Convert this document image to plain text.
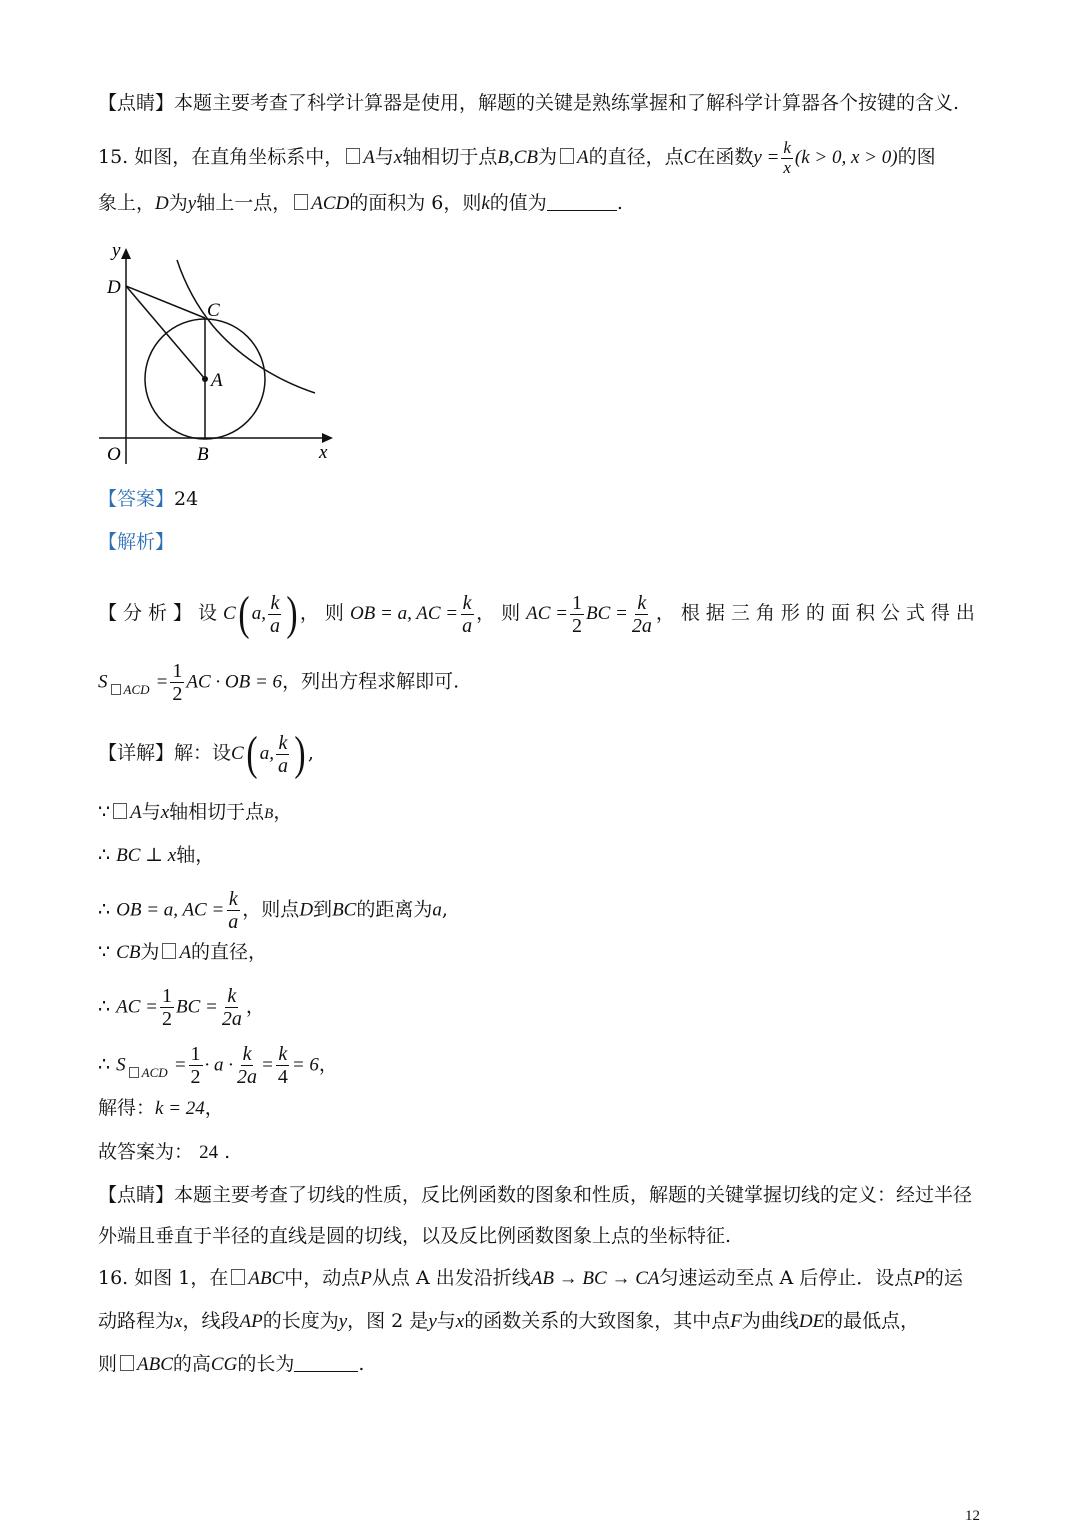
【点睛】本题主要考查了科学计算器是使用，解题的关键是熟练掌握和了解科学计算器各个按键的含义.
15. 如图，在直角坐标系中， A与x轴相切于点B,CB为 A的直径，点C在函数$y = \frac{k}{x} (k > 0$, x > 0)的图
象上，D为y轴上一点， ACD的面积为 6，则k的值为	.
y
D
C
A
O	B	x
【答案】24
【解析】
【分析】设C( a, $\frac{k}{a}$ ) ，则OB = a, AC = $\frac{k}{a}$ ，则AC = $\frac{1}{2}$ BC = $\frac{k}{2a}$ ，根据三角形的面积公式得出
S $_{ACD} = \frac{1}{2}$ AC · OB = 6，列出方程求解即可.
【详解】解：设C( a, $\frac{k}{a}$ ) ,
∵ A与x轴相切于点B，
∴ BC ⊥ x轴，
∴ OB = a, AC = $\frac{k}{a}$ ，则点D到BC的距离为a,
∵ CB为 A的直径，
∴ AC = $\frac{1}{2}$ BC = $\frac{k}{2a}$ ，
∴ S $_{ACD} = \frac{1}{2} \cdot a \cdot \frac{k}{2a} = \frac{k}{4} = 6$，
解得：k = 24，
故答案为： 24 .
【点睛】本题主要考查了切线的性质，反比例函数的图象和性质，解题的关键掌握切线的定义：经过半径
外端且垂直于半径的直线是圆的切线，以及反比例函数图象上点的坐标特征.
16. 如图 1，在 ABC中，动点P从点 A 出发沿折线AB → BC → CA匀速运动至点 A 后停止．设点P的运
动路程为x，线段AP的长度为y，图 2 是y与x的函数关系的大致图象，其中点F为曲线DE的最低点，
则 ABC的高CG的长为	.
12
